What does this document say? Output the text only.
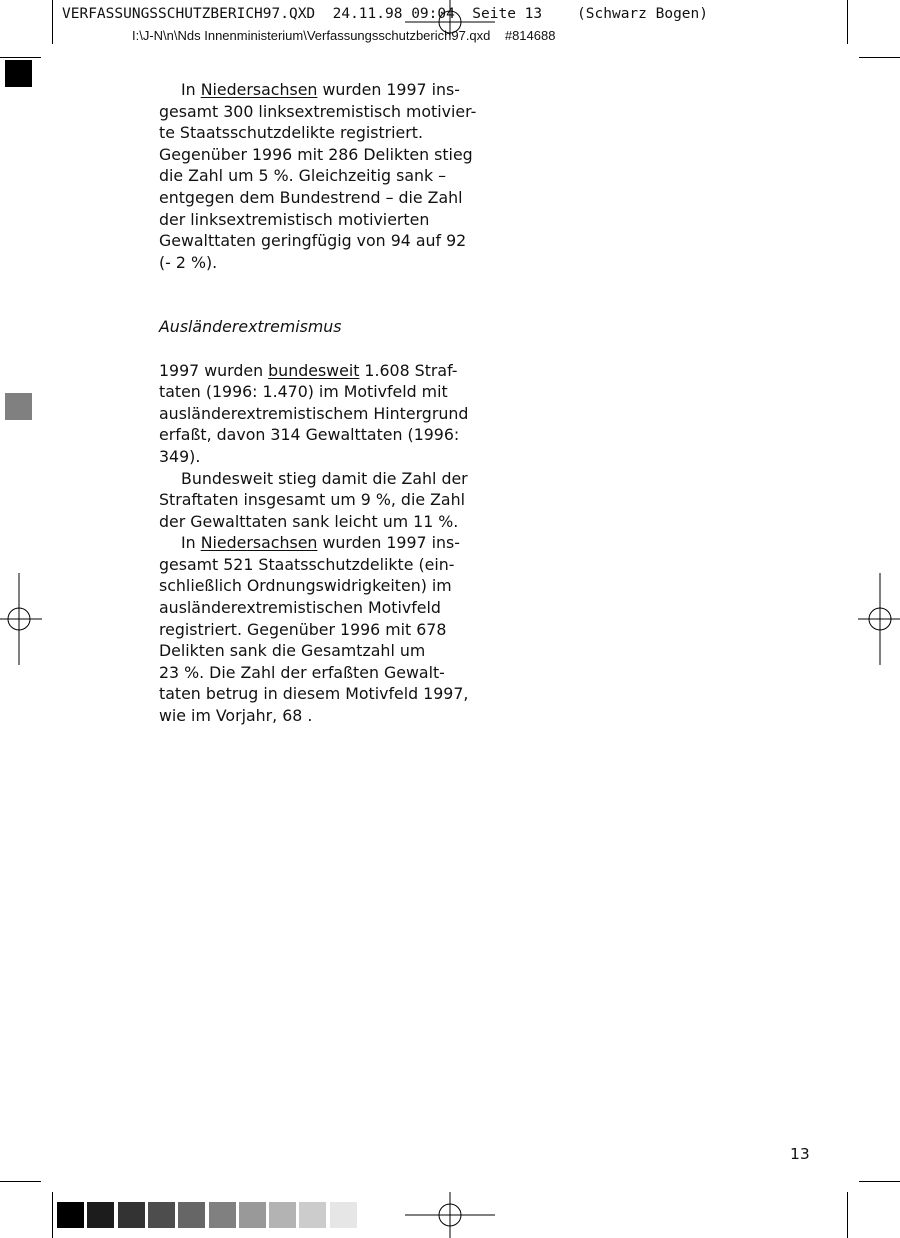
VERFASSUNGSSCHUTZBERICH97.QXD  24.11.98 09:04  Seite 13    (Schwarz Bogen)
I:\J-N\n\Nds Innenministerium\Verfassungsschutzberich97.qxd    #814688
In Niedersachsen wurden 1997 ins-
gesamt 300 linksextremistisch motivier-
te Staatsschutzdelikte registriert.
Gegenüber 1996 mit 286 Delikten stieg
die Zahl um 5 %. Gleichzeitig sank –
entgegen dem Bundestrend – die Zahl
der linksextremistisch motivierten
Gewalttaten geringfügig von 94 auf 92
(- 2 %).
Ausländerextremismus
1997 wurden bundesweit 1.608 Straf-
taten (1996: 1.470) im Motivfeld mit
ausländerextremistischem Hintergrund
erfaßt, davon 314 Gewalttaten (1996:
349).
Bundesweit stieg damit die Zahl der
Straftaten insgesamt um 9 %, die Zahl
der Gewalttaten sank leicht um 11 %.
In Niedersachsen wurden 1997 ins-
gesamt 521 Staatsschutzdelikte (ein-
schließlich Ordnungswidrigkeiten) im
ausländerextremistischen Motivfeld
registriert. Gegenüber 1996 mit 678
Delikten sank die Gesamtzahl um
23 %. Die Zahl der erfaßten Gewalt-
taten betrug in diesem Motivfeld 1997,
wie im Vorjahr, 68 .
13
